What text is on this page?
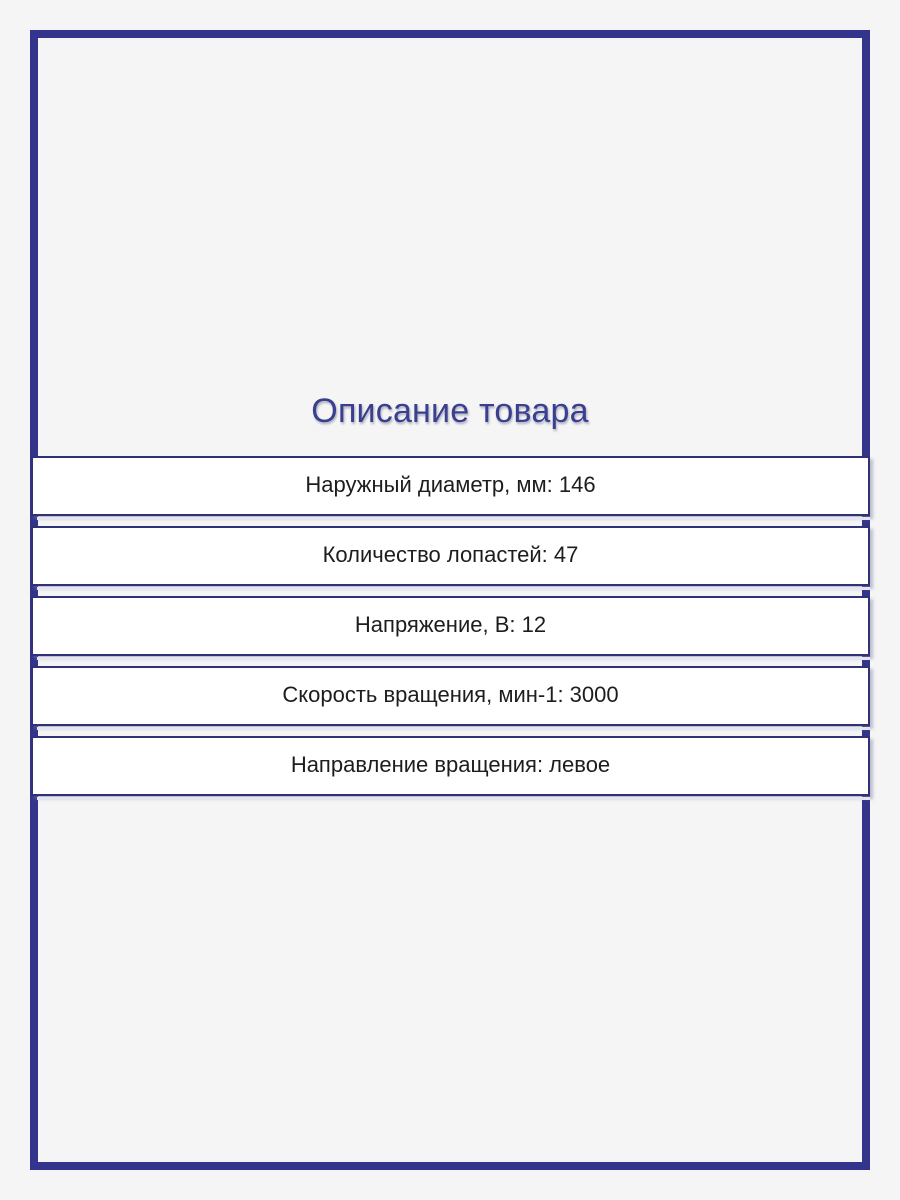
Описание товара
Наружный диаметр, мм: 146
Количество лопастей: 47
Напряжение, В: 12
Скорость вращения, мин-1: 3000
Направление вращения: левое
